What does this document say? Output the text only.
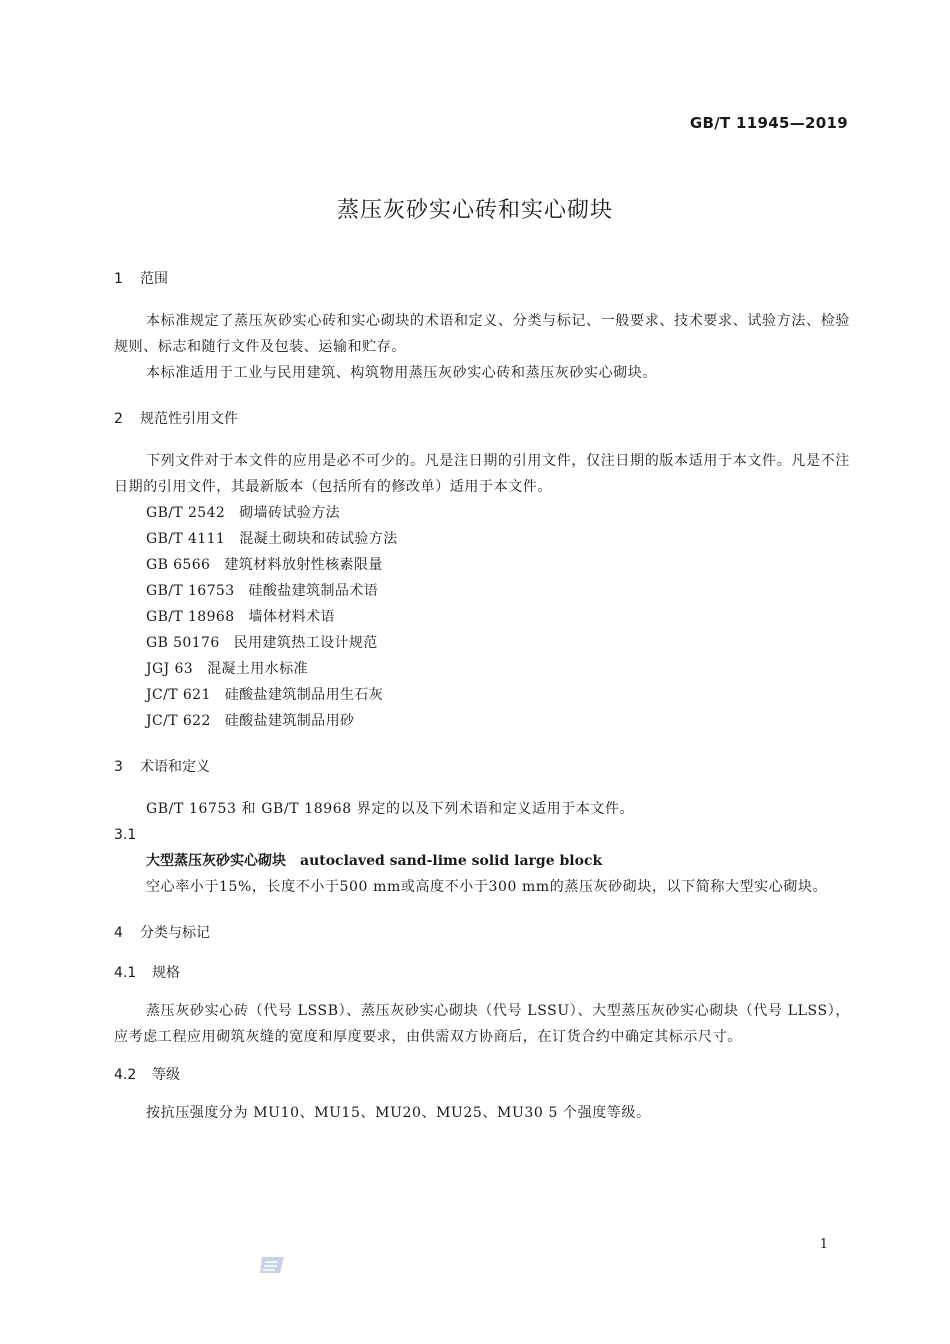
GB/T 11945—2019
蒸压灰砂实心砖和实心砌块
1 范围

本标准规定了蒸压灰砂实心砖和实心砌块的术语和定义、分类与标记、一般要求、技术要求、试验方法、检验规则、标志和随行文件及包装、运输和贮存。

本标准适用于工业与民用建筑、构筑物用蒸压灰砂实心砖和蒸压灰砂实心砌块。

2 规范性引用文件

下列文件对于本文件的应用是必不可少的。凡是注日期的引用文件，仅注日期的版本适用于本文件。凡是不注日期的引用文件，其最新版本（包括所有的修改单）适用于本文件。

GB/T 2542 砌墙砖试验方法
GB/T 4111 混凝土砌块和砖试验方法
GB 6566 建筑材料放射性核素限量
GB/T 16753 硅酸盐建筑制品术语
GB/T 18968 墙体材料术语
GB 50176 民用建筑热工设计规范
JGJ 63 混凝土用水标准
JC/T 621 硅酸盐建筑制品用生石灰
JC/T 622 硅酸盐建筑制品用砂
3 术语和定义

GB/T 16753 和 GB/T 18968 界定的以及下列术语和定义适用于本文件。

3.1
大型蒸压灰砂实心砌块 autoclaved sand-lime solid large block

空心率小于15%，长度不小于500 mm或高度不小于300 mm的蒸压灰砂砌块，以下简称大型实心砌块。

4 分类与标记
4.1 规格

蒸压灰砂实心砖（代号 LSSB）、蒸压灰砂实心砌块（代号 LSSU）、大型蒸压灰砂实心砌块（代号 LLSS），应考虑工程应用砌筑灰缝的宽度和厚度要求，由供需双方协商后，在订货合约中确定其标示尺寸。

4.2 等级

按抗压强度分为 MU10、MU15、MU20、MU25、MU30 5 个强度等级。

1
